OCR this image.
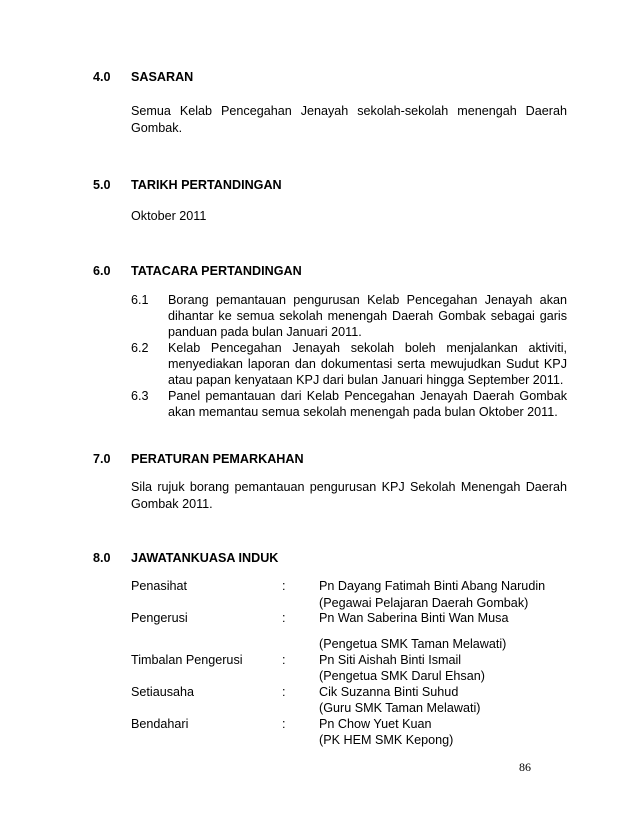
4.0 SASARAN
Semua Kelab Pencegahan Jenayah sekolah-sekolah menengah Daerah Gombak.
5.0 TARIKH PERTANDINGAN
Oktober 2011
6.0 TATACARA PERTANDINGAN
6.1 Borang pemantauan pengurusan Kelab Pencegahan Jenayah akan dihantar ke semua sekolah menengah Daerah Gombak sebagai garis panduan pada bulan Januari 2011.
6.2 Kelab Pencegahan Jenayah sekolah boleh menjalankan aktiviti, menyediakan laporan dan dokumentasi serta mewujudkan Sudut KPJ atau papan kenyataan KPJ dari bulan Januari hingga September 2011.
6.3 Panel pemantauan dari Kelab Pencegahan Jenayah Daerah Gombak akan memantau semua sekolah menengah pada bulan Oktober 2011.
7.0 PERATURAN PEMARKAHAN
Sila rujuk borang pemantauan pengurusan KPJ Sekolah Menengah Daerah Gombak 2011.
8.0 JAWATANKUASA INDUK
Penasihat	:	Pn Dayang Fatimah Binti Abang Narudin
(Pegawai Pelajaran Daerah Gombak)
Pengerusi	:	Pn Wan Saberina Binti Wan Musa
(Pengetua SMK Taman Melawati)
Timbalan Pengerusi	:	Pn Siti Aishah Binti Ismail
(Pengetua SMK Darul Ehsan)
Setiausaha	:	Cik Suzanna Binti Suhud
(Guru SMK Taman Melawati)
Bendahari	:	Pn Chow Yuet Kuan
(PK HEM SMK Kepong)
86
